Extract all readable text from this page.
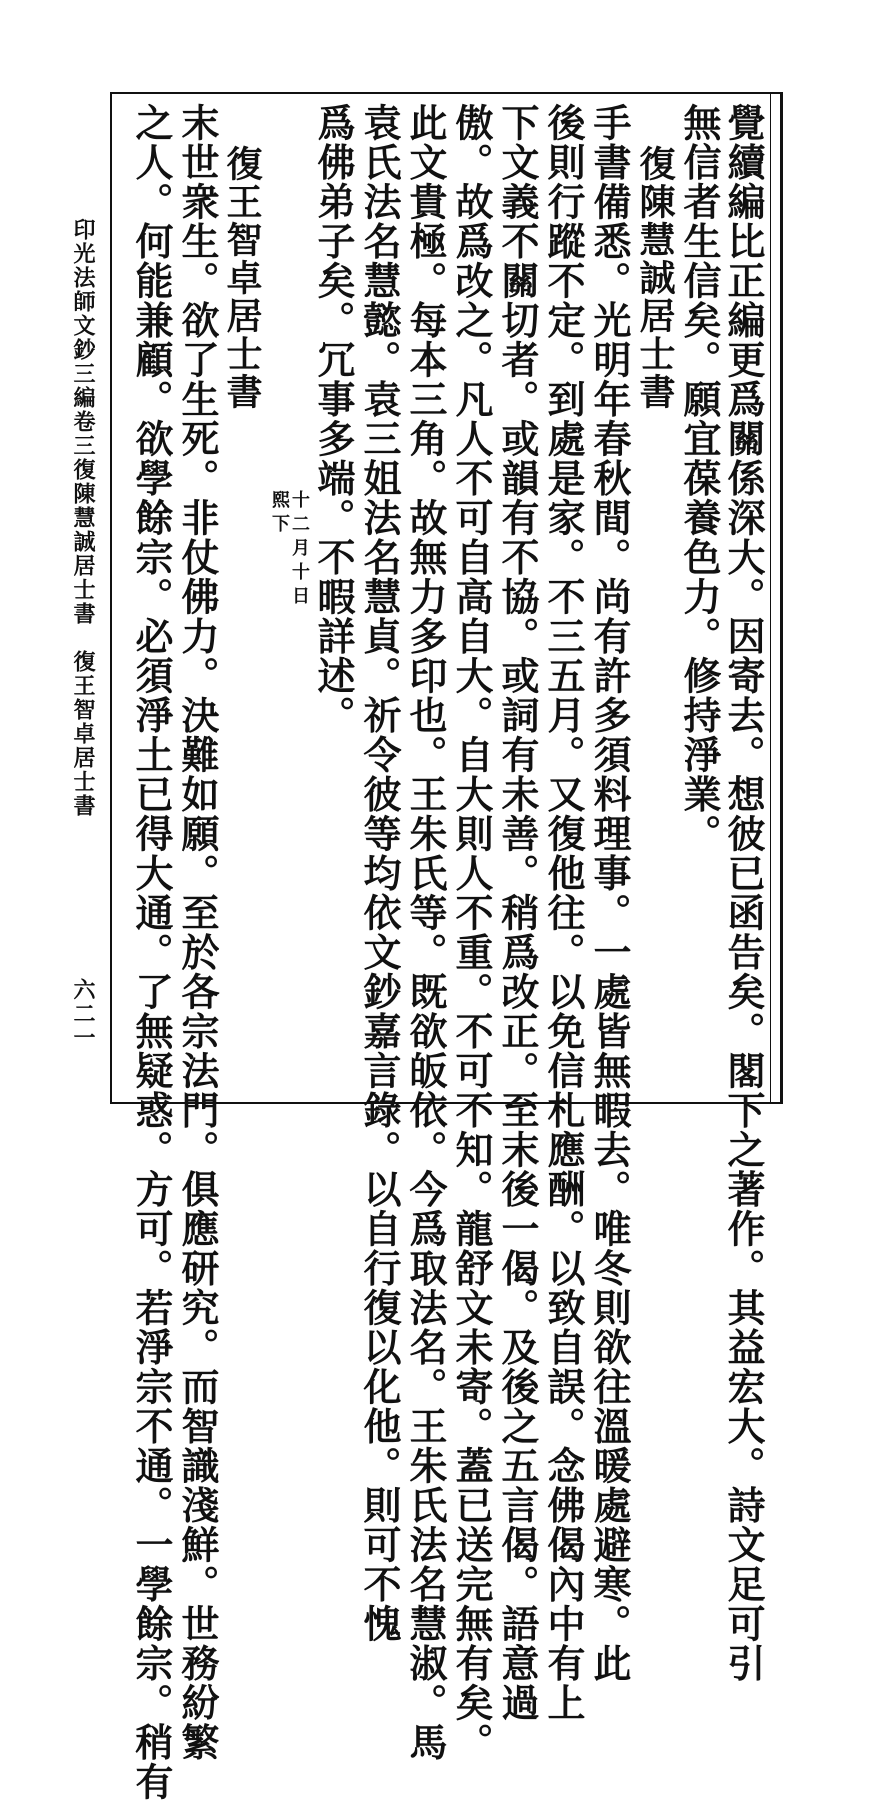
印光法師文鈔三編卷三
復陳慧誠居士書　復王智卓居士書
六二一	覺續編比正編更爲關係深大。因寄去。想彼已函告矣。閣下之著作。其益宏大。詩文足可引
無信者生信矣。願宜葆養色力。修持淨業。
復陳慧誠居士書
手書備悉。光明年春秋間。尚有許多須料理事。一處皆無暇去。唯冬則欲往溫暖處避寒。此
後則行蹤不定。到處是家。不三五月。又復他往。以免信札應酬。以致自誤。念佛偈內中有上
下文義不關切者。或韻有不協。或詞有未善。稍爲改正。至末後一偈。及後之五言偈。語意過
傲。故爲改之。凡人不可自高自大。自大則人不重。不可不知。龍舒文未寄。蓋已送完無有矣。
此文貴極。每本三角。故無力多印也。王朱氏等。既欲皈依。今爲取法名。王朱氏法名慧淑。馬
袁氏法名慧懿。袁三姐法名慧貞。祈令彼等均依文鈔嘉言錄。以自行復以化他。則可不愧
爲佛弟子矣。冗事多端。不暇詳述。
十二月十日
熙下
復王智卓居士書
末世衆生。欲了生死。非仗佛力。決難如願。至於各宗法門。俱應研究。而智識淺鮮。世務紛繁
之人。何能兼顧。欲學餘宗。必須淨土已得大通。了無疑惑。方可。若淨宗不通。一學餘宗。稍有
